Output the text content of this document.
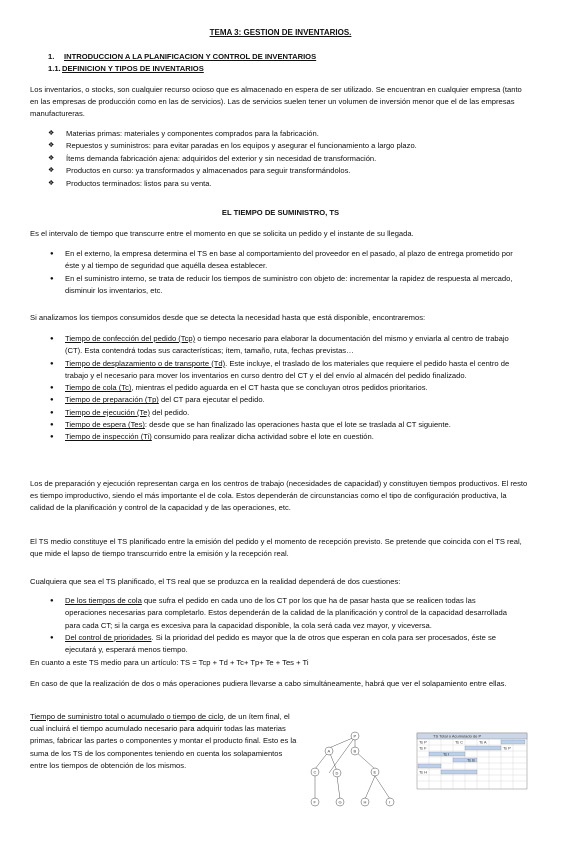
TEMA 3: GESTION DE INVENTARIOS.
1. INTRODUCCION A LA PLANIFICACION Y CONTROL DE INVENTARIOS
1.1.DEFINICION Y TIPOS DE INVENTARIOS

Los inventarios, o stocks, son cualquier recurso ocioso que es almacenado en espera de ser utilizado. Se encuentran en cualquier empresa (tanto en las empresas de producción como en las de servicios). Las de servicios suelen tener un volumen de inversión menor que el de las empresas manufactureras.

❖ Materias primas: materiales y componentes comprados para la fabricación.
❖ Repuestos y suministros: para evitar paradas en los equipos y asegurar el funcionamiento a largo plazo.
❖ Ítems demanda fabricación ajena: adquiridos del exterior y sin necesidad de transformación.
❖ Productos en curso: ya transformados y almacenados para seguir transformándolos.
❖ Productos terminados: listos para su venta.
EL TIEMPO DE SUMINISTRO, TS

Es el intervalo de tiempo que transcurre entre el momento en que se solicita un pedido y el instante de su llegada.

● En el externo, la empresa determina el TS en base al comportamiento del proveedor en el pasado, al plazo de entrega prometido por éste y al tiempo de seguridad que aquélla desea establecer.
● En el suministro interno, se trata de reducir los tiempos de suministro con objeto de: incrementar la rapidez de respuesta al mercado, disminuir los inventarios, etc.

Si analizamos los tiempos consumidos desde que se detecta la necesidad hasta que está disponible, encontraremos:

● Tiempo de confección del pedido (Tcp) o tiempo necesario para elaborar la documentación del mismo y enviarla al centro de trabajo (CT). Esta contendrá todas sus características; ítem, tamaño, ruta, fechas previstas…
● Tiempo de desplazamiento o de transporte (Td). Este incluye, el traslado de los materiales que requiere el pedido hasta el centro de trabajo y el necesario para mover los inventarios en curso dentro del CT y el del envío al almacén del pedido finalizado.
● Tiempo de cola (Tc), mientras el pedido aguarda en el CT hasta que se concluyan otros pedidos prioritarios.
● Tiempo de preparación (Tp) del CT para ejecutar el pedido.
● Tiempo de ejecución (Te) del pedido.
● Tiempo de espera (Tes): desde que se han finalizado las operaciones hasta que el lote se traslada al CT siguiente.
● Tiempo de inspección (Ti) consumido para realizar dicha actividad sobre el lote en cuestión.

Los de preparación y ejecución representan carga en los centros de trabajo (necesidades de capacidad) y constituyen tiempos productivos. El resto es tiempo improductivo, siendo el más importante el de cola. Estos dependerán de circunstancias como el tipo de configuración productiva, la calidad de la planificación y control de la capacidad y de las operaciones, etc.

El TS medio constituye el TS planificado entre la emisión del pedido y el momento de recepción previsto. Se pretende que coincida con el TS real, que mide el lapso de tiempo transcurrido entre la emisión y la recepción real.

Cualquiera que sea el TS planificado, el TS real que se produzca en la realidad dependerá de dos cuestiones:

● De los tiempos de cola que sufra el pedido en cada uno de los CT por los que ha de pasar hasta que se realicen todas las operaciones necesarias para completarlo. Estos dependerán de la calidad de la planificación y control de la capacidad desarrollada para cada CT; si la carga es excesiva para la capacidad disponible, la cola será cada vez mayor, y viceversa.
● Del control de prioridades. Si la prioridad del pedido es mayor que la de otros que esperan en cola para ser procesados, éste se ejecutará y, esperará menos tiempo.

En cuanto a este TS medio para un artículo: TS = Tcp + Td + Tc+ Tp+ Te + Tes + Ti

En caso de que la realización de dos o más operaciones pudiera llevarse a cabo simultáneamente, habrá que ver el solapamiento entre ellas.

Tiempo de suministro total o acumulado o tiempo de ciclo, de un ítem final, el cual incluirá el tiempo acumulado necesario para adquirir todas las materias primas, fabricar las partes o componentes y montar el producto final. Esto es la suma de los TS de los componentes teniendo en cuenta los solapamientos entre los tiempos de obtención de los mismos.

P
A	B
C	D	E
F	G	H	I
TS Total o Acumulado de P
Ts P	Ts C	Ts A
Ts P
Ts F
Ts I
Ts B
Ts H
